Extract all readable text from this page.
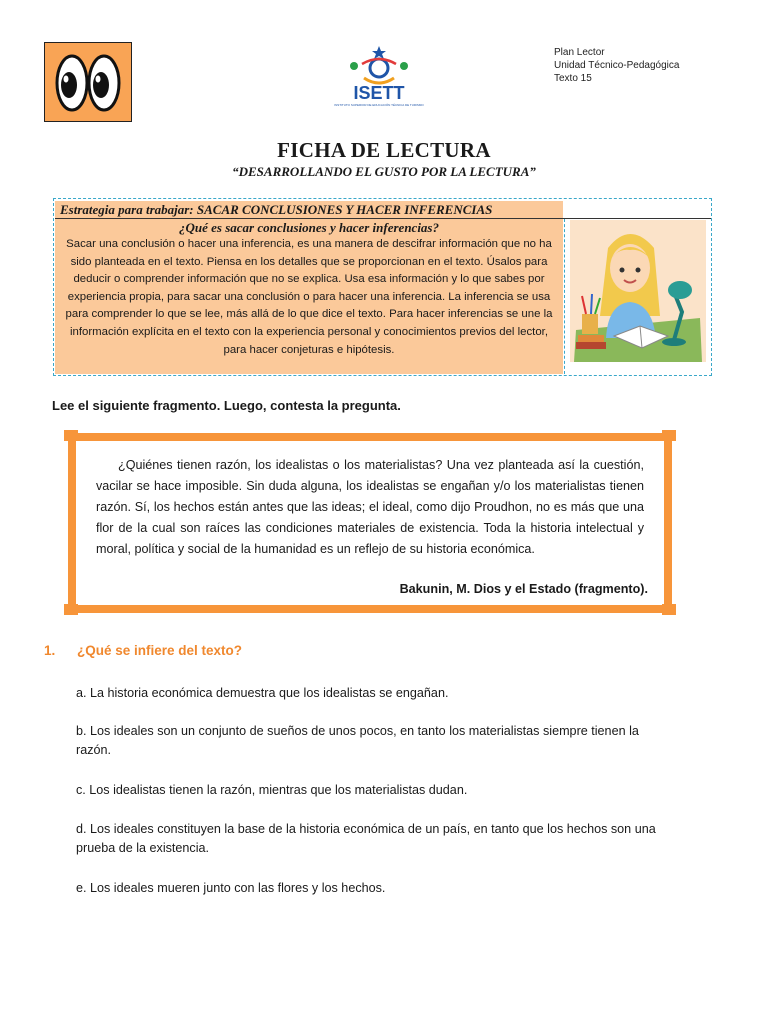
ISETT
INSTITUTO SUPERIOR DE EDUCACIÓN TÉCNICA DE TURISMO
Plan Lector
Unidad Técnico-Pedagógica
Texto 15
FICHA DE LECTURA
“DESARROLLANDO EL GUSTO POR LA LECTURA”
Estrategia para trabajar: SACAR CONCLUSIONES Y HACER INFERENCIAS
¿Qué es sacar conclusiones y hacer inferencias?
Sacar una conclusión o hacer una inferencia, es una manera de descifrar información que no ha sido planteada en el texto. Piensa en los detalles que se proporcionan en el texto. Úsalos para deducir o comprender información que no se explica. Usa esa información y lo que sabes por experiencia propia, para sacar una conclusión o para hacer una inferencia. La inferencia se usa para comprender lo que se lee, más allá de lo que dice el texto. Para hacer inferencias se une la información explícita en el texto con la experiencia personal y conocimientos previos del lector, para hacer conjeturas e hipótesis.
Lee el siguiente fragmento. Luego, contesta la pregunta.
¿Quiénes tienen razón, los idealistas o los materialistas? Una vez planteada así la cuestión, vacilar se hace imposible. Sin duda alguna, los idealistas se engañan y/o los materialistas tienen razón. Sí, los hechos están antes que las ideas; el ideal, como dijo Proudhon, no es más que una flor de la cual son raíces las condiciones materiales de existencia. Toda la historia intelectual y moral, política y social de la humanidad es un reflejo de su historia económica.
Bakunin, M. Dios y el Estado (fragmento).
1. ¿Qué se infiere del texto?
a. La historia económica demuestra que los idealistas se engañan.
b. Los ideales son un conjunto de sueños de unos pocos, en tanto los materialistas siempre tienen la razón.
c. Los idealistas tienen la razón, mientras que los materialistas dudan.
d. Los ideales constituyen la base de la historia económica de un país, en tanto que los hechos son una prueba de la existencia.
e. Los ideales mueren junto con las flores y los hechos.
